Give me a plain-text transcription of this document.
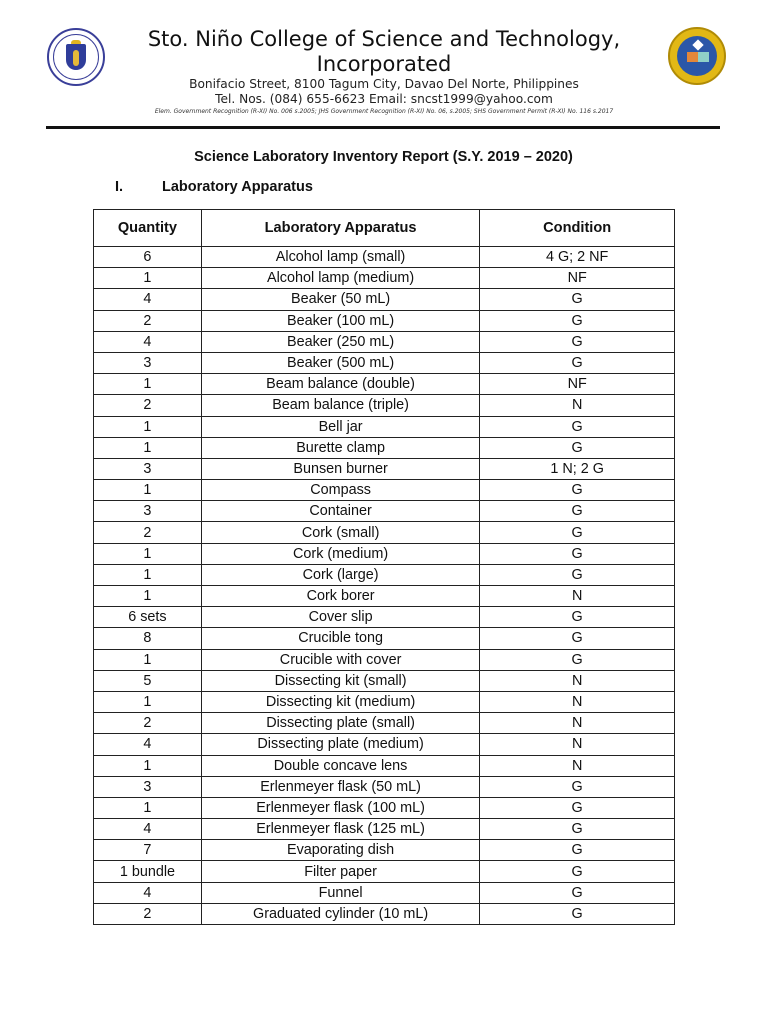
Sto. Niño College of Science and Technology,
Incorporated
Bonifacio Street, 8100 Tagum City, Davao Del Norte, Philippines
Tel. Nos. (084) 655-6623 Email: sncst1999@yahoo.com
Elem. Government Recognition (R-XI) No. 006 s.2005; JHS Government Recognition (R-XI) No. 06, s.2005; SHS Government Permit (R-XI) No. 116 s.2017
Science Laboratory Inventory Report (S.Y. 2019 – 2020)
I.	Laboratory Apparatus
Quantity	Laboratory Apparatus	Condition
6	Alcohol lamp (small)	4 G; 2 NF
1	Alcohol lamp (medium)	NF
4	Beaker (50 mL)	G
2	Beaker (100 mL)	G
4	Beaker (250 mL)	G
3	Beaker (500 mL)	G
1	Beam balance (double)	NF
2	Beam balance (triple)	N
1	Bell jar	G
1	Burette clamp	G
3	Bunsen burner	1 N; 2 G
1	Compass	G
3	Container	G
2	Cork (small)	G
1	Cork (medium)	G
1	Cork (large)	G
1	Cork borer	N
6 sets	Cover slip	G
8	Crucible tong	G
1	Crucible with cover	G
5	Dissecting kit (small)	N
1	Dissecting kit (medium)	N
2	Dissecting plate (small)	N
4	Dissecting plate (medium)	N
1	Double concave lens	N
3	Erlenmeyer flask (50 mL)	G
1	Erlenmeyer flask (100 mL)	G
4	Erlenmeyer flask (125 mL)	G
7	Evaporating dish	G
1 bundle	Filter paper	G
4	Funnel	G
2	Graduated cylinder (10 mL)	G
